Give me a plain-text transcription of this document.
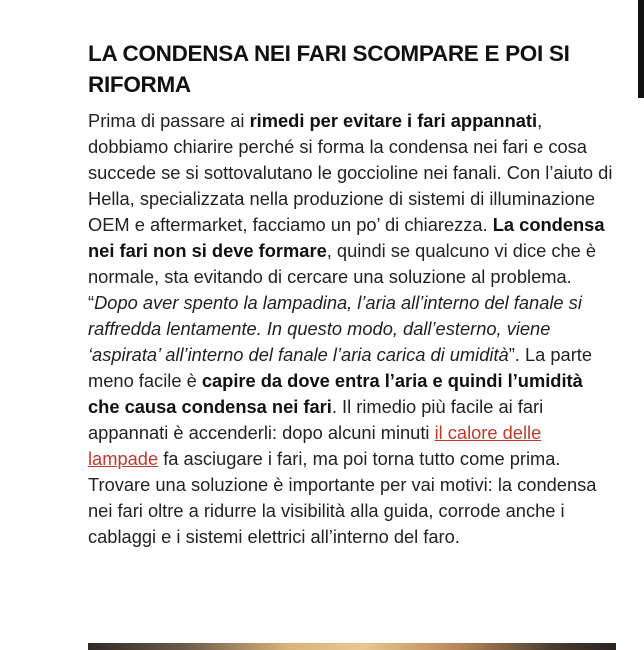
LA CONDENSA NEI FARI SCOMPARE E POI SI RIFORMA

Prima di passare ai rimedi per evitare i fari appannati, dobbiamo chiarire perché si forma la condensa nei fari e cosa succede se si sottovalutano le goccioline nei fanali. Con l’aiuto di Hella, specializzata nella produzione di sistemi di illuminazione OEM e aftermarket, facciamo un po’ di chiarezza. La condensa nei fari non si deve formare, quindi se qualcuno vi dice che è normale, sta evitando di cercare una soluzione al problema. “Dopo aver spento la lampadina, l’aria all’interno del fanale si raffredda lentamente. In questo modo, dall’esterno, viene ‘aspirata’ all’interno del fanale l’aria carica di umidità”. La parte meno facile è capire da dove entra l’aria e quindi l’umidità che causa condensa nei fari. Il rimedio più facile ai fari appannati è accenderli: dopo alcuni minuti il calore delle lampade fa asciugare i fari, ma poi torna tutto come prima. Trovare una soluzione è importante per vai motivi: la condensa nei fari oltre a ridurre la visibilità alla guida, corrode anche i cablaggi e i sistemi elettrici all’interno del faro.
